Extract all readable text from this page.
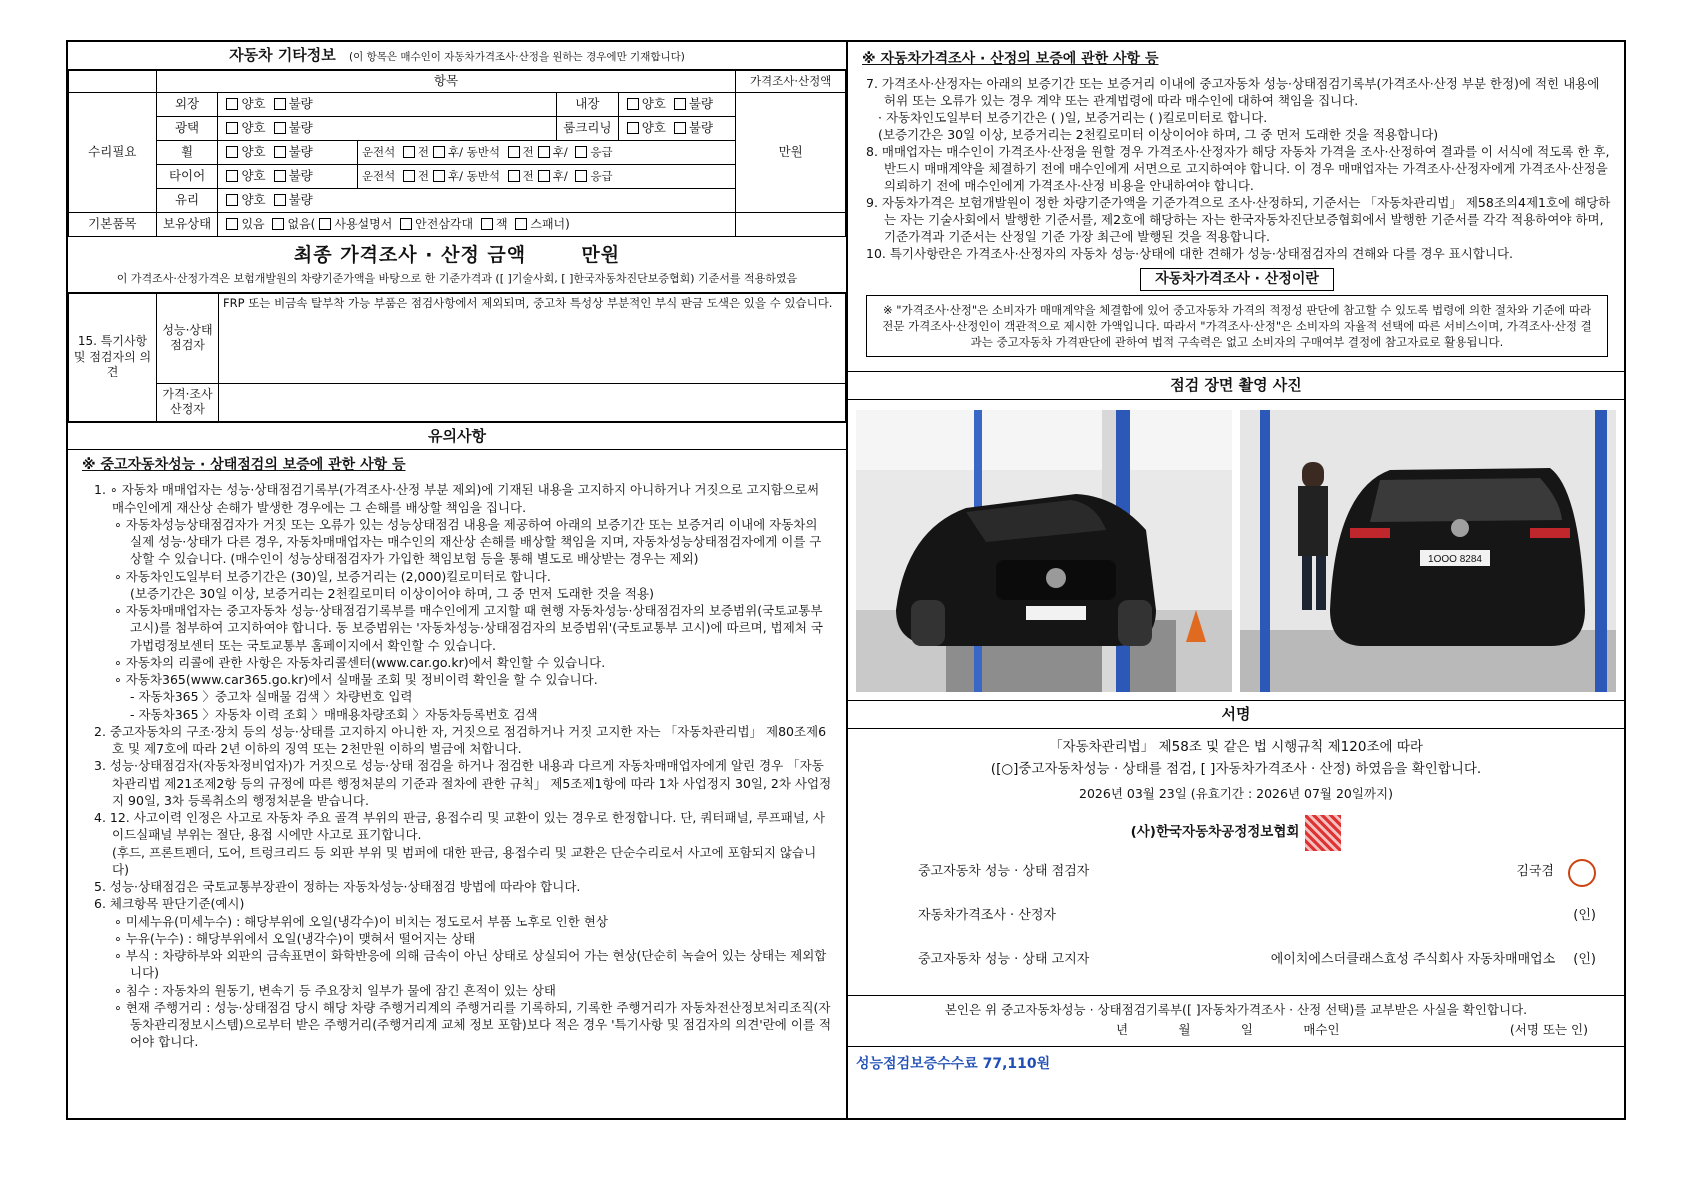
자동차 기타정보 (이 항목은 매수인이 자동차가격조사·산정을 원하는 경우에만 기재합니다)
	항목					가격조사·산정액
수리필요	외장	양호 불량		내장	양호 불량	만원
	광택	양호 불량		룸크리닝	양호 불량	
	휠	양호 불량	운전석 전 후/ 동반석 전 후/ 응급			
	타이어	양호 불량	운전석 전 후/ 동반석 전 후/ 응급			
	유리	양호 불량				
기본품목	보유상태	있음 없음( 사용설명서 안전삼각대 잭 스패너)				
최종 가격조사 · 산정 금액	만원
이 가격조사·산정가격은 보험개발원의 차량기준가액을 바탕으로 한 기준가격과 ([ ]기술사회, [ ]한국자동차진단보증협회) 기준서를 적용하였음
15. 특기사항 및 점검자의 의견	성능·상태 점검자	FRP 또는 비금속 탈부착 가능 부품은 점검사항에서 제외되며, 중고차 특성상 부분적인 부식 판금 도색은 있을 수 있습니다.
	가격·조사 산정자	
유의사항
※ 중고자동차성능 · 상태점검의 보증에 관한 사항 등
1. ∘ 자동차 매매업자는 성능·상태점검기록부(가격조사·산정 부분 제외)에 기재된 내용을 고지하지 아니하거나 거짓으로 고지함으로써 매수인에게 재산상 손해가 발생한 경우에는 그 손해를 배상할 책임을 집니다.
∘ 자동차성능상태점검자가 거짓 또는 오류가 있는 성능상태점검 내용을 제공하여 아래의 보증기간 또는 보증거리 이내에 자동차의 실제 성능·상태가 다른 경우, 자동차매매업자는 매수인의 재산상 손해를 배상할 책임을 지며, 자동차성능상태점검자에게 이를 구상할 수 있습니다. (매수인이 성능상태점검자가 가입한 책임보험 등을 통해 별도로 배상받는 경우는 제외)
∘ 자동차인도일부터 보증기간은 (30)일, 보증거리는 (2,000)킬로미터로 합니다.
(보증기간은 30일 이상, 보증거리는 2천킬로미터 이상이어야 하며, 그 중 먼저 도래한 것을 적용)
∘ 자동차매매업자는 중고자동차 성능·상태점검기록부를 매수인에게 고지할 때 현행 자동차성능·상태점검자의 보증범위(국토교통부 고시)를 첨부하여 고지하여야 합니다. 동 보증범위는 '자동차성능·상태점검자의 보증범위'(국토교통부 고시)에 따르며, 법제처 국가법령정보센터 또는 국토교통부 홈페이지에서 확인할 수 있습니다.
∘ 자동차의 리콜에 관한 사항은 자동차리콜센터(www.car.go.kr)에서 확인할 수 있습니다.
∘ 자동차365(www.car365.go.kr)에서 실매물 조회 및 정비이력 확인을 할 수 있습니다.
- 자동차365 〉중고차 실매물 검색 〉차량번호 입력
- 자동차365 〉자동차 이력 조회 〉매매용차량조회 〉자동차등록번호 검색
2. 중고자동차의 구조·장치 등의 성능·상태를 고지하지 아니한 자, 거짓으로 점검하거나 거짓 고지한 자는 「자동차관리법」 제80조제6호 및 제7호에 따라 2년 이하의 징역 또는 2천만원 이하의 벌금에 처합니다.
3. 성능·상태점검자(자동차정비업자)가 거짓으로 성능·상태 점검을 하거나 점검한 내용과 다르게 자동차매매업자에게 알린 경우 「자동차관리법 제21조제2항 등의 규정에 따른 행정처분의 기준과 절차에 관한 규칙」 제5조제1항에 따라 1차 사업정지 30일, 2차 사업정지 90일, 3차 등록취소의 행정처분을 받습니다.
4. 12. 사고이력 인정은 사고로 자동차 주요 골격 부위의 판금, 용접수리 및 교환이 있는 경우로 한정합니다. 단, 쿼터패널, 루프패널, 사이드실패널 부위는 절단, 용접 시에만 사고로 표기합니다.
(후드, 프론트펜더, 도어, 트렁크리드 등 외판 부위 및 범퍼에 대한 판금, 용접수리 및 교환은 단순수리로서 사고에 포함되지 않습니다)
5. 성능·상태점검은 국토교통부장관이 정하는 자동차성능·상태점검 방법에 따라야 합니다.
6. 체크항목 판단기준(예시)
∘ 미세누유(미세누수) : 해당부위에 오일(냉각수)이 비치는 정도로서 부품 노후로 인한 현상
∘ 누유(누수) : 해당부위에서 오일(냉각수)이 맺혀서 떨어지는 상태
∘ 부식 : 차량하부와 외판의 금속표면이 화학반응에 의해 금속이 아닌 상태로 상실되어 가는 현상(단순히 녹슬어 있는 상태는 제외합니다)
∘ 침수 : 자동차의 원동기, 변속기 등 주요장치 일부가 물에 잠긴 흔적이 있는 상태
∘ 현재 주행거리 : 성능·상태점검 당시 해당 차량 주행거리계의 주행거리를 기록하되, 기록한 주행거리가 자동차전산정보처리조직(자동차관리정보시스템)으로부터 받은 주행거리(주행거리계 교체 정보 포함)보다 적은 경우 '특기사항 및 점검자의 의견'란에 이를 적어야 합니다.
※ 자동차가격조사 · 산정의 보증에 관한 사항 등
7. 가격조사·산정자는 아래의 보증기간 또는 보증거리 이내에 중고자동차 성능·상태점검기록부(가격조사·산정 부분 한정)에 적힌 내용에 허위 또는 오류가 있는 경우 계약 또는 관계법령에 따라 매수인에 대하여 책임을 집니다.
· 자동차인도일부터 보증기간은 ( )일, 보증거리는 ( )킬로미터로 합니다.
(보증기간은 30일 이상, 보증거리는 2천킬로미터 이상이어야 하며, 그 중 먼저 도래한 것을 적용합니다)
8. 매매업자는 매수인이 가격조사·산정을 원할 경우 가격조사·산정자가 해당 자동차 가격을 조사·산정하여 결과를 이 서식에 적도록 한 후, 반드시 매매계약을 체결하기 전에 매수인에게 서면으로 고지하여야 합니다. 이 경우 매매업자는 가격조사·산정자에게 가격조사·산정을 의뢰하기 전에 매수인에게 가격조사·산정 비용을 안내하여야 합니다.
9. 자동차가격은 보험개발원이 정한 차량기준가액을 기준가격으로 조사·산정하되, 기준서는 「자동차관리법」 제58조의4제1호에 해당하는 자는 기술사회에서 발행한 기준서를, 제2호에 해당하는 자는 한국자동차진단보증협회에서 발행한 기준서를 각각 적용하여야 하며, 기준가격과 기준서는 산정일 기준 가장 최근에 발행된 것을 적용합니다.
10. 특기사항란은 가격조사·산정자의 자동차 성능·상태에 대한 견해가 성능·상태점검자의 견해와 다를 경우 표시합니다.
자동차가격조사 · 산정이란
※ "가격조사·산정"은 소비자가 매매계약을 체결함에 있어 중고자동차 가격의 적정성 판단에 참고할 수 있도록 법령에 의한 절차와 기준에 따라 전문 가격조사·산정인이 객관적으로 제시한 가액입니다. 따라서 "가격조사·산정"은 소비자의 자율적 선택에 따른 서비스이며, 가격조사·산정 결과는 중고자동차 가격판단에 관하여 법적 구속력은 없고 소비자의 구매여부 결정에 참고자료로 활용됩니다.
점검 장면 촬영 사진
1OOO 8284
서명
「자동차관리법」 제58조 및 같은 법 시행규칙 제120조에 따라
([○]중고자동차성능 · 상태를 점검, [ ]자동차가격조사 · 산정) 하였음을 확인합니다.
2026년 03월 23일 (유효기간 : 2026년 07월 20일까지)
(사)한국자동차공정정보협회
중고자동차 성능 · 상태 점검자	김국겸
자동차가격조사 · 산정자	(인)
중고자동차 성능 · 상태 고지자	에이치에스더클래스효성 주식회사 자동차매매업소 (인)
본인은 위 중고자동차성능 · 상태점검기록부([ ]자동차가격조사 · 산정 선택)를 교부받은 사실을 확인합니다.
년	월	일	매수인	(서명 또는 인)
성능점검보증수수료 77,110원
